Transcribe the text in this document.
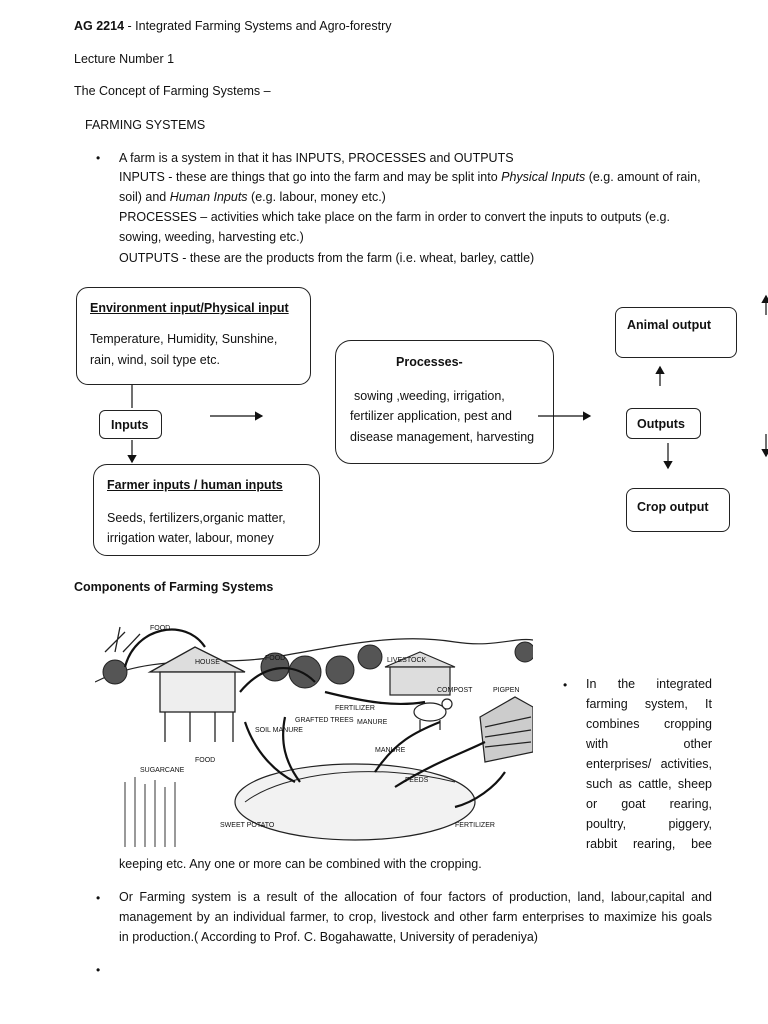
AG 2214 - Integrated Farming Systems and Agro-forestry
Lecture Number 1
The Concept of Farming Systems –
FARMING SYSTEMS
• A farm is a system in that it has INPUTS, PROCESSES and OUTPUTS
INPUTS - these are things that go into the farm and may be split into Physical Inputs (e.g. amount of rain,
soil) and Human Inputs (e.g. labour, money etc.)
PROCESSES – activities which take place on the farm in order to convert the inputs to outputs (e.g.
sowing, weeding, harvesting etc.)
OUTPUTS - these are the products from the farm (i.e. wheat, barley, cattle)

Environment input/Physical input

Temperature, Humidity, Sunshine,

rain, wind, soil type etc.

Inputs

Farmer inputs / human inputs

Seeds, fertilizers,organic matter,

irrigation water, labour, money

Processes-

sowing ,weeding, irrigation,

fertilizer application, pest and

disease management, harvesting

Outputs

Animal output

Crop output

Components of Farming Systems
FOOD
HOUSE
FOOD	LIVESTOCK
FERTILIZER
COMPOST	PIGPEN
MANURE
MANURE
FEEDS
FERTILIZER
SUGARCANE
SWEET POTATO
FOOD
SOIL MANURE
GRAFTED TREES
• In the integrated
farming system, It
combines cropping
with other
enterprises/ activities,
such as cattle, sheep
or goat rearing,
poultry, piggery,
rabbit rearing, bee
keeping etc. Any one or more can be combined with the cropping.
• Or Farming system is a result of the allocation of four factors of production, land, labour,capital and
management by an individual farmer, to crop, livestock and other farm enterprises to maximize his goals
in production.( According to Prof. C. Bogahawatte, University of peradeniya)
•
